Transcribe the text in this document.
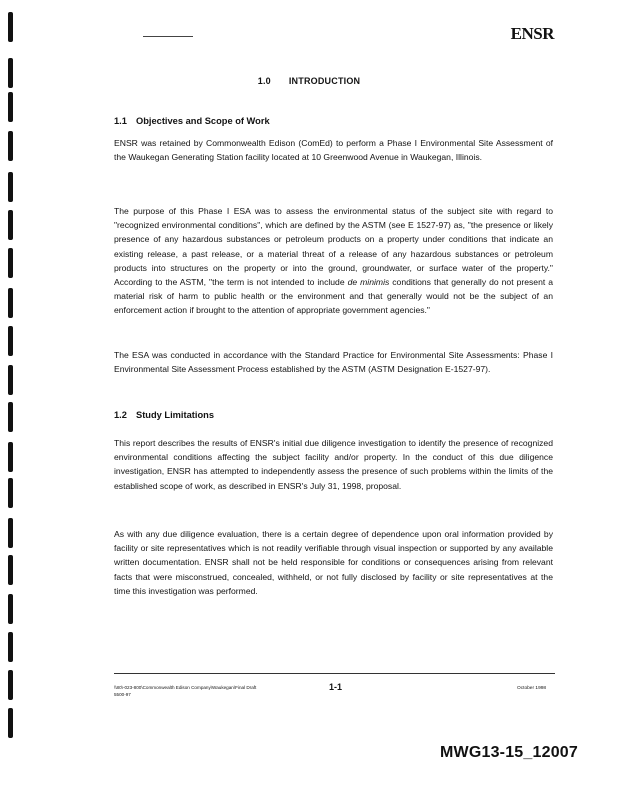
ENSR
1.0 INTRODUCTION
1.1 Objectives and Scope of Work

ENSR was retained by Commonwealth Edison (ComEd) to perform a Phase I Environmental Site Assessment of the Waukegan Generating Station facility located at 10 Greenwood Avenue in Waukegan, Illinois.

The purpose of this Phase I ESA was to assess the environmental status of the subject site with regard to "recognized environmental conditions", which are defined by the ASTM (see E 1527-97) as, "the presence or likely presence of any hazardous substances or petroleum products on a property under conditions that indicate an existing release, a past release, or a material threat of a release of any hazardous substances or petroleum products into structures on the property or into the ground, groundwater, or surface water of the property." According to the ASTM, "the term is not intended to include de minimis conditions that generally do not present a material risk of harm to public health or the environment and that generally would not be the subject of an enforcement action if brought to the attention of appropriate government agencies."

The ESA was conducted in accordance with the Standard Practice for Environmental Site Assessments: Phase I Environmental Site Assessment Process established by the ASTM (ASTM Designation E-1527-97).

1.2 Study Limitations

This report describes the results of ENSR's initial due diligence investigation to identify the presence of recognized environmental conditions affecting the subject facility and/or property. In the conduct of this due diligence investigation, ENSR has attempted to independently assess the presence of such problems within the limits of the established scope of work, as described in ENSR's July 31, 1998, proposal.

As with any due diligence evaluation, there is a certain degree of dependence upon oral information provided by facility or site representatives which is not readily verifiable through visual inspection or supported by any available written documentation. ENSR shall not be held responsible for conditions or consequences arising from relevant facts that were misconstrued, concealed, withheld, or not fully disclosed by facility or site representatives at the time this investigation was performed.

\\80\-023-800\Commonwealth Edison Company\Waukegan\Final Draft
5500-97
1-1	October 1998
MWG13-15_12007
